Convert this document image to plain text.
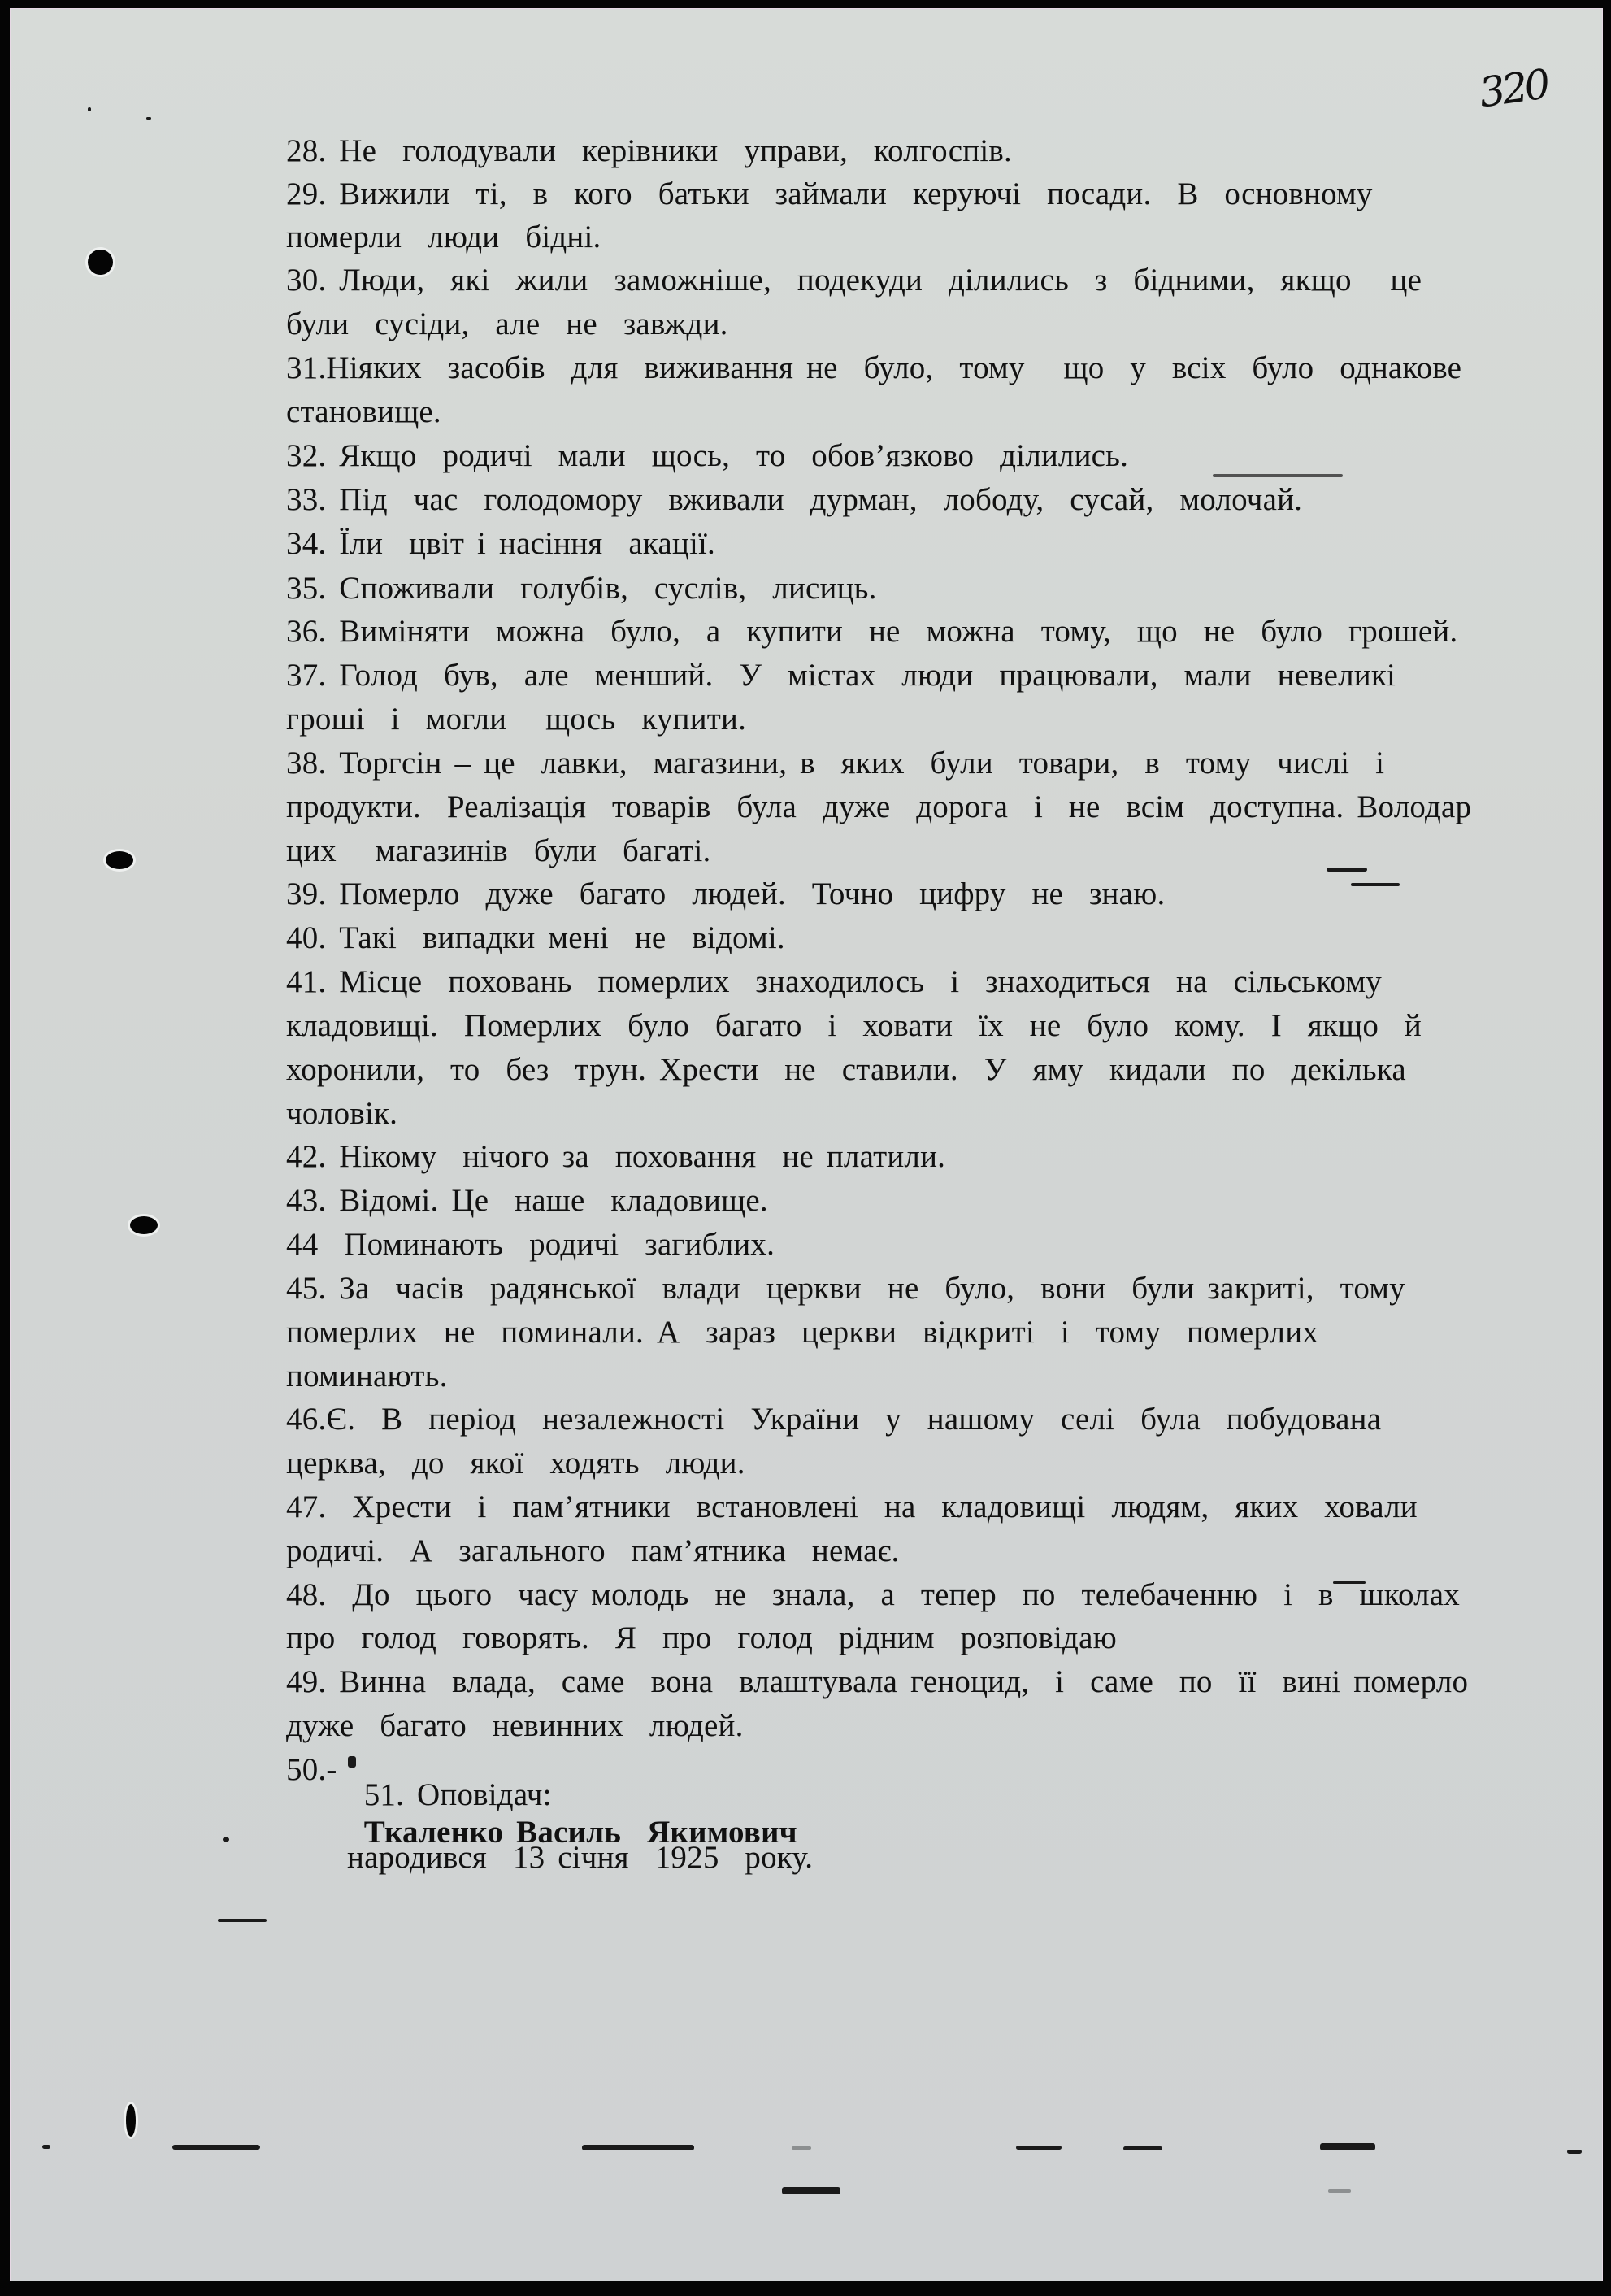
320
28. Не  голодували  керівники  управи,  колгоспів.
29. Вижили  ті,  в  кого  батьки  займали  керуючі  посади.  В  основному
померли  люди  бідні.
30. Люди,  які  жили  заможніше,  подекуди  ділились  з  бідними,  якщо   це
були  сусіди,  але  не  завжди.
31.Ніяких  засобів  для  виживання не  було,  тому   що  у  всіх  було  однакове
становище.
32. Якщо  родичі  мали  щось,  то  обов’язково  ділились.
33. Під  час  голодомору  вживали  дурман,  лободу,  сусай,  молочай.
34. Їли  цвіт і насіння  акації.
35. Споживали  голубів,  суслів,  лисиць.
36. Виміняти  можна  було,  а  купити  не  можна  тому,  що  не  було  грошей.
37. Голод  був,  але  менший.  У  містах  люди  працювали,  мали  невеликі
гроші  і  могли   щось  купити.
38. Торгсін – це  лавки,  магазини, в  яких  були  товари,  в  тому  числі  і
продукти.  Реалізація  товарів  була  дуже  дорога  і  не  всім  доступна. Володар
цих   магазинів  були  багаті.
39. Померло  дуже  багато  людей.  Точно  цифру  не  знаю.
40. Такі  випадки мені  не  відомі.
41. Місце  поховань  померлих  знаходилось  і  знаходиться  на  сільському
кладовищі.  Померлих  було  багато  і  ховати  їх  не  було  кому.  І  якщо  й
хоронили,  то  без  трун. Хрести  не  ставили.  У  яму  кидали  по  декілька
чоловік.
42. Нікому  нічого за  поховання  не платили.
43. Відомі. Це  наше  кладовище.
44  Поминають  родичі  загиблих.
45. За  часів  радянської  влади  церкви  не  було,  вони  були закриті,  тому
померлих  не  поминали. А  зараз  церкви  відкриті  і  тому  померлих
поминають.
46.Є.  В  період  незалежності  України  у  нашому  селі  була  побудована
церква,  до  якої  ходять  люди.
47.  Хрести  і  пам’ятники  встановлені  на  кладовищі  людям,  яких  ховали
родичі.  А  загального  пам’ятника  немає.
48.  До  цього  часу молодь  не  знала,  а  тепер  по  телебаченню  і  в  школах
про  голод  говорять.  Я  про  голод  рідним  розповідаю
49. Винна  влада,  саме  вона  влаштувала геноцид,  і  саме  по  її  вині померло
дуже  багато  невинних  людей.
50.-

51. Оповідач:
Ткаленко Василь  Якимович

народився  13 січня  1925  року.
